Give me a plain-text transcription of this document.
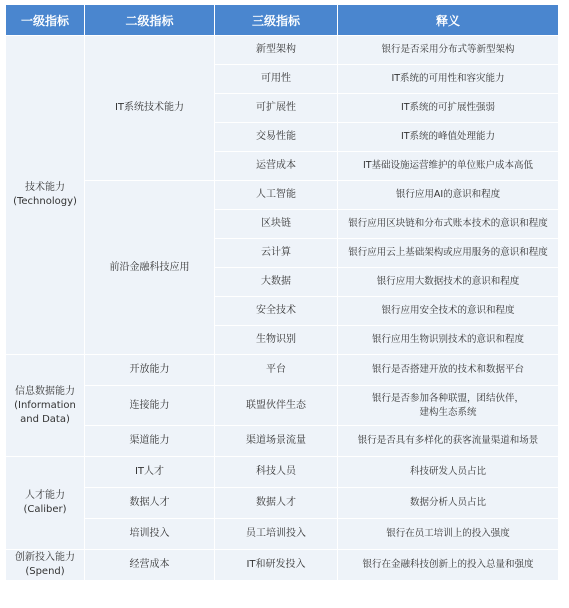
一级指标	二级指标	三级指标	释义

技术能力
(Technology)	IT系统技术能力	新型架构	银行是否采用分布式等新型架构

		可用性	IT系统的可用性和容灾能力

		可扩展性	IT系统的可扩展性强弱

		交易性能	IT系统的峰值处理能力

		运营成本	IT基础设施运营维护的单位账户成本高低

	前沿金融科技应用	人工智能	银行应用AI的意识和程度

		区块链	银行应用区块链和分布式账本技术的意识和程度

		云计算	银行应用云上基础架构或应用服务的意识和程度

		大数据	银行应用大数据技术的意识和程度

		安全技术	银行应用安全技术的意识和程度

		生物识别	银行应用生物识别技术的意识和程度

信息数据能力
(Information
and Data)	开放能力	平台	银行是否搭建开放的技术和数据平台

	连接能力	联盟伙伴生态	银行是否参加各种联盟，团结伙伴，
建构生态系统

	渠道能力	渠道场景流量	银行是否具有多样化的获客流量渠道和场景

人才能力
(Caliber)	IT人才	科技人员	科技研发人员占比

	数据人才	数据人才	数据分析人员占比

	培训投入	员工培训投入	银行在员工培训上的投入强度

创新投入能力
(Spend)	经营成本	IT和研发投入	银行在金融科技创新上的投入总量和强度
